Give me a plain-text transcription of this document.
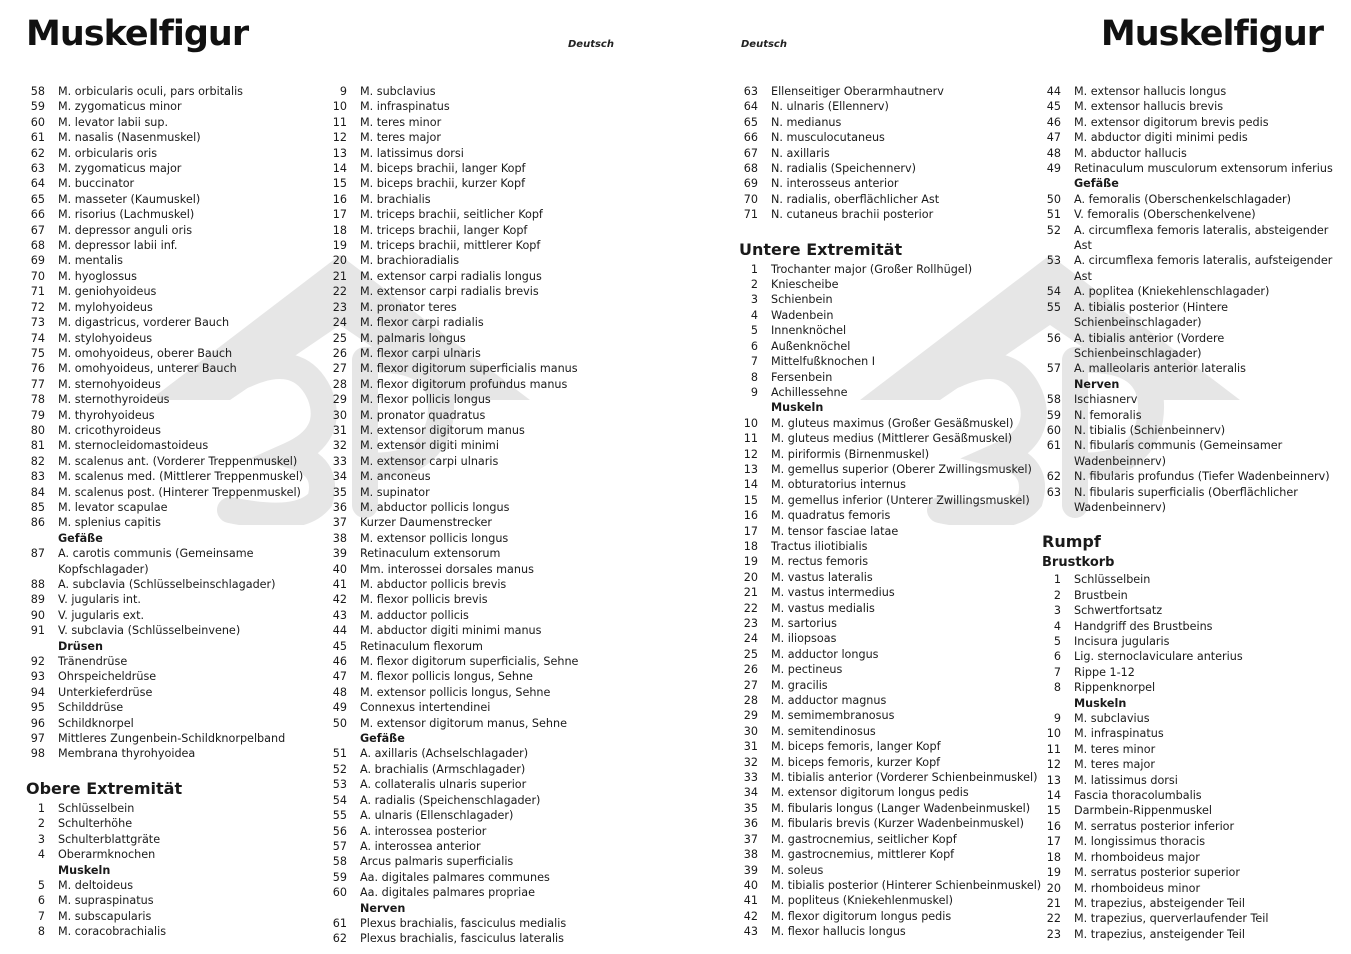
Muskelfigur	Muskelfigur
Deutsch	Deutsch
58 M. orbicularis oculi, pars orbitalis
59 M. zygomaticus minor
60 M. levator labii sup.
61 M. nasalis (Nasenmuskel)
62 M. orbicularis oris
63 M. zygomaticus major
64 M. buccinator
65 M. masseter (Kaumuskel)
66 M. risorius (Lachmuskel)
67 M. depressor anguli oris
68 M. depressor labii inf.
69 M. mentalis
70 M. hyoglossus
71 M. geniohyoideus
72 M. mylohyoideus
73 M. digastricus, vorderer Bauch
74 M. stylohyoideus
75 M. omohyoideus, oberer Bauch
76 M. omohyoideus, unterer Bauch
77 M. sternohyoideus
78 M. sternothyroideus
79 M. thyrohyoideus
80 M. cricothyroideus
81 M. sternocleidomastoideus
82 M. scalenus ant. (Vorderer Treppenmuskel)
83 M. scalenus med. (Mittlerer Treppenmuskel)
84 M. scalenus post. (Hinterer Treppenmuskel)
85 M. levator scapulae
86 M. splenius capitis
Gefäße
87 A. carotis communis (Gemeinsame
Kopfschlagader)
88 A. subclavia (Schlüsselbeinschlagader)
89 V. jugularis int.
90 V. jugularis ext.
91 V. subclavia (Schlüsselbeinvene)
Drüsen
92 Tränendrüse
93 Ohrspeicheldrüse
94 Unterkieferdrüse
95 Schilddrüse
96 Schildknorpel
97 Mittleres Zungenbein-Schildknorpelband
98 Membrana thyrohyoidea
Obere Extremität
1 Schlüsselbein
2 Schulterhöhe
3 Schulterblattgräte
4 Oberarmknochen
Muskeln
5 M. deltoideus
6 M. supraspinatus
7 M. subscapularis
8 M. coracobrachialis
9 M. subclavius
10 M. infraspinatus
11 M. teres minor
12 M. teres major
13 M. latissimus dorsi
14 M. biceps brachii, langer Kopf
15 M. biceps brachii, kurzer Kopf
16 M. brachialis
17 M. triceps brachii, seitlicher Kopf
18 M. triceps brachii, langer Kopf
19 M. triceps brachii, mittlerer Kopf
20 M. brachioradialis
21 M. extensor carpi radialis longus
22 M. extensor carpi radialis brevis
23 M. pronator teres
24 M. flexor carpi radialis
25 M. palmaris longus
26 M. flexor carpi ulnaris
27 M. flexor digitorum superficialis manus
28 M. flexor digitorum profundus manus
29 M. flexor pollicis longus
30 M. pronator quadratus
31 M. extensor digitorum manus
32 M. extensor digiti minimi
33 M. extensor carpi ulnaris
34 M. anconeus
35 M. supinator
36 M. abductor pollicis longus
37 Kurzer Daumenstrecker
38 M. extensor pollicis longus
39 Retinaculum extensorum
40 Mm. interossei dorsales manus
41 M. abductor pollicis brevis
42 M. flexor pollicis brevis
43 M. adductor pollicis
44 M. abductor digiti minimi manus
45 Retinaculum flexorum
46 M. flexor digitorum superficialis, Sehne
47 M. flexor pollicis longus, Sehne
48 M. extensor pollicis longus, Sehne
49 Connexus intertendinei
50 M. extensor digitorum manus, Sehne
Gefäße
51 A. axillaris (Achselschlagader)
52 A. brachialis (Armschlagader)
53 A. collateralis ulnaris superior
54 A. radialis (Speichenschlagader)
55 A. ulnaris (Ellenschlagader)
56 A. interossea posterior
57 A. interossea anterior
58 Arcus palmaris superficialis
59 Aa. digitales palmares communes
60 Aa. digitales palmares propriae
Nerven
61 Plexus brachialis, fasciculus medialis
62 Plexus brachialis, fasciculus lateralis
63 Ellenseitiger Oberarmhautnerv
64 N. ulnaris (Ellennerv)
65 N. medianus
66 N. musculocutaneus
67 N. axillaris
68 N. radialis (Speichennerv)
69 N. interosseus anterior
70 N. radialis, oberflächlicher Ast
71 N. cutaneus brachii posterior
Untere Extremität
1 Trochanter major (Großer Rollhügel)
2 Kniescheibe
3 Schienbein
4 Wadenbein
5 Innenknöchel
6 Außenknöchel
7 Mittelfußknochen I
8 Fersenbein
9 Achillessehne
Muskeln
10 M. gluteus maximus (Großer Gesäßmuskel)
11 M. gluteus medius (Mittlerer Gesäßmuskel)
12 M. piriformis (Birnenmuskel)
13 M. gemellus superior (Oberer Zwillingsmuskel)
14 M. obturatorius internus
15 M. gemellus inferior (Unterer Zwillingsmuskel)
16 M. quadratus femoris
17 M. tensor fasciae latae
18 Tractus iliotibialis
19 M. rectus femoris
20 M. vastus lateralis
21 M. vastus intermedius
22 M. vastus medialis
23 M. sartorius
24 M. iliopsoas
25 M. adductor longus
26 M. pectineus
27 M. gracilis
28 M. adductor magnus
29 M. semimembranosus
30 M. semitendinosus
31 M. biceps femoris, langer Kopf
32 M. biceps femoris, kurzer Kopf
33 M. tibialis anterior (Vorderer Schienbeinmuskel)
34 M. extensor digitorum longus pedis
35 M. fibularis longus (Langer Wadenbeinmuskel)
36 M. fibularis brevis (Kurzer Wadenbeinmuskel)
37 M. gastrocnemius, seitlicher Kopf
38 M. gastrocnemius, mittlerer Kopf
39 M. soleus
40 M. tibialis posterior (Hinterer Schienbeinmuskel)
41 M. popliteus (Kniekehlenmuskel)
42 M. flexor digitorum longus pedis
43 M. flexor hallucis longus
44 M. extensor hallucis longus
45 M. extensor hallucis brevis
46 M. extensor digitorum brevis pedis
47 M. abductor digiti minimi pedis
48 M. abductor hallucis
49 Retinaculum musculorum extensorum inferius
Gefäße
50 A. femoralis (Oberschenkelschlagader)
51 V. femoralis (Oberschenkelvene)
52 A. circumflexa femoris lateralis, absteigender
Ast
53 A. circumflexa femoris lateralis, aufsteigender
Ast
54 A. poplitea (Kniekehlenschlagader)
55 A. tibialis posterior (Hintere
Schienbeinschlagader)
56 A. tibialis anterior (Vordere
Schienbeinschlagader)
57 A. malleolaris anterior lateralis
Nerven
58 Ischiasnerv
59 N. femoralis
60 N. tibialis (Schienbeinnerv)
61 N. fibularis communis (Gemeinsamer
Wadenbeinnerv)
62 N. fibularis profundus (Tiefer Wadenbeinnerv)
63 N. fibularis superficialis (Oberflächlicher
Wadenbeinnerv)
Rumpf
Brustkorb
1 Schlüsselbein
2 Brustbein
3 Schwertfortsatz
4 Handgriff des Brustbeins
5 Incisura jugularis
6 Lig. sternoclaviculare anterius
7 Rippe 1-12
8 Rippenknorpel
Muskeln
9 M. subclavius
10 M. infraspinatus
11 M. teres minor
12 M. teres major
13 M. latissimus dorsi
14 Fascia thoracolumbalis
15 Darmbein-Rippenmuskel
16 M. serratus posterior inferior
17 M. longissimus thoracis
18 M. rhomboideus major
19 M. serratus posterior superior
20 M. rhomboideus minor
21 M. trapezius, absteigender Teil
22 M. trapezius, querverlaufender Teil
23 M. trapezius, ansteigender Teil
